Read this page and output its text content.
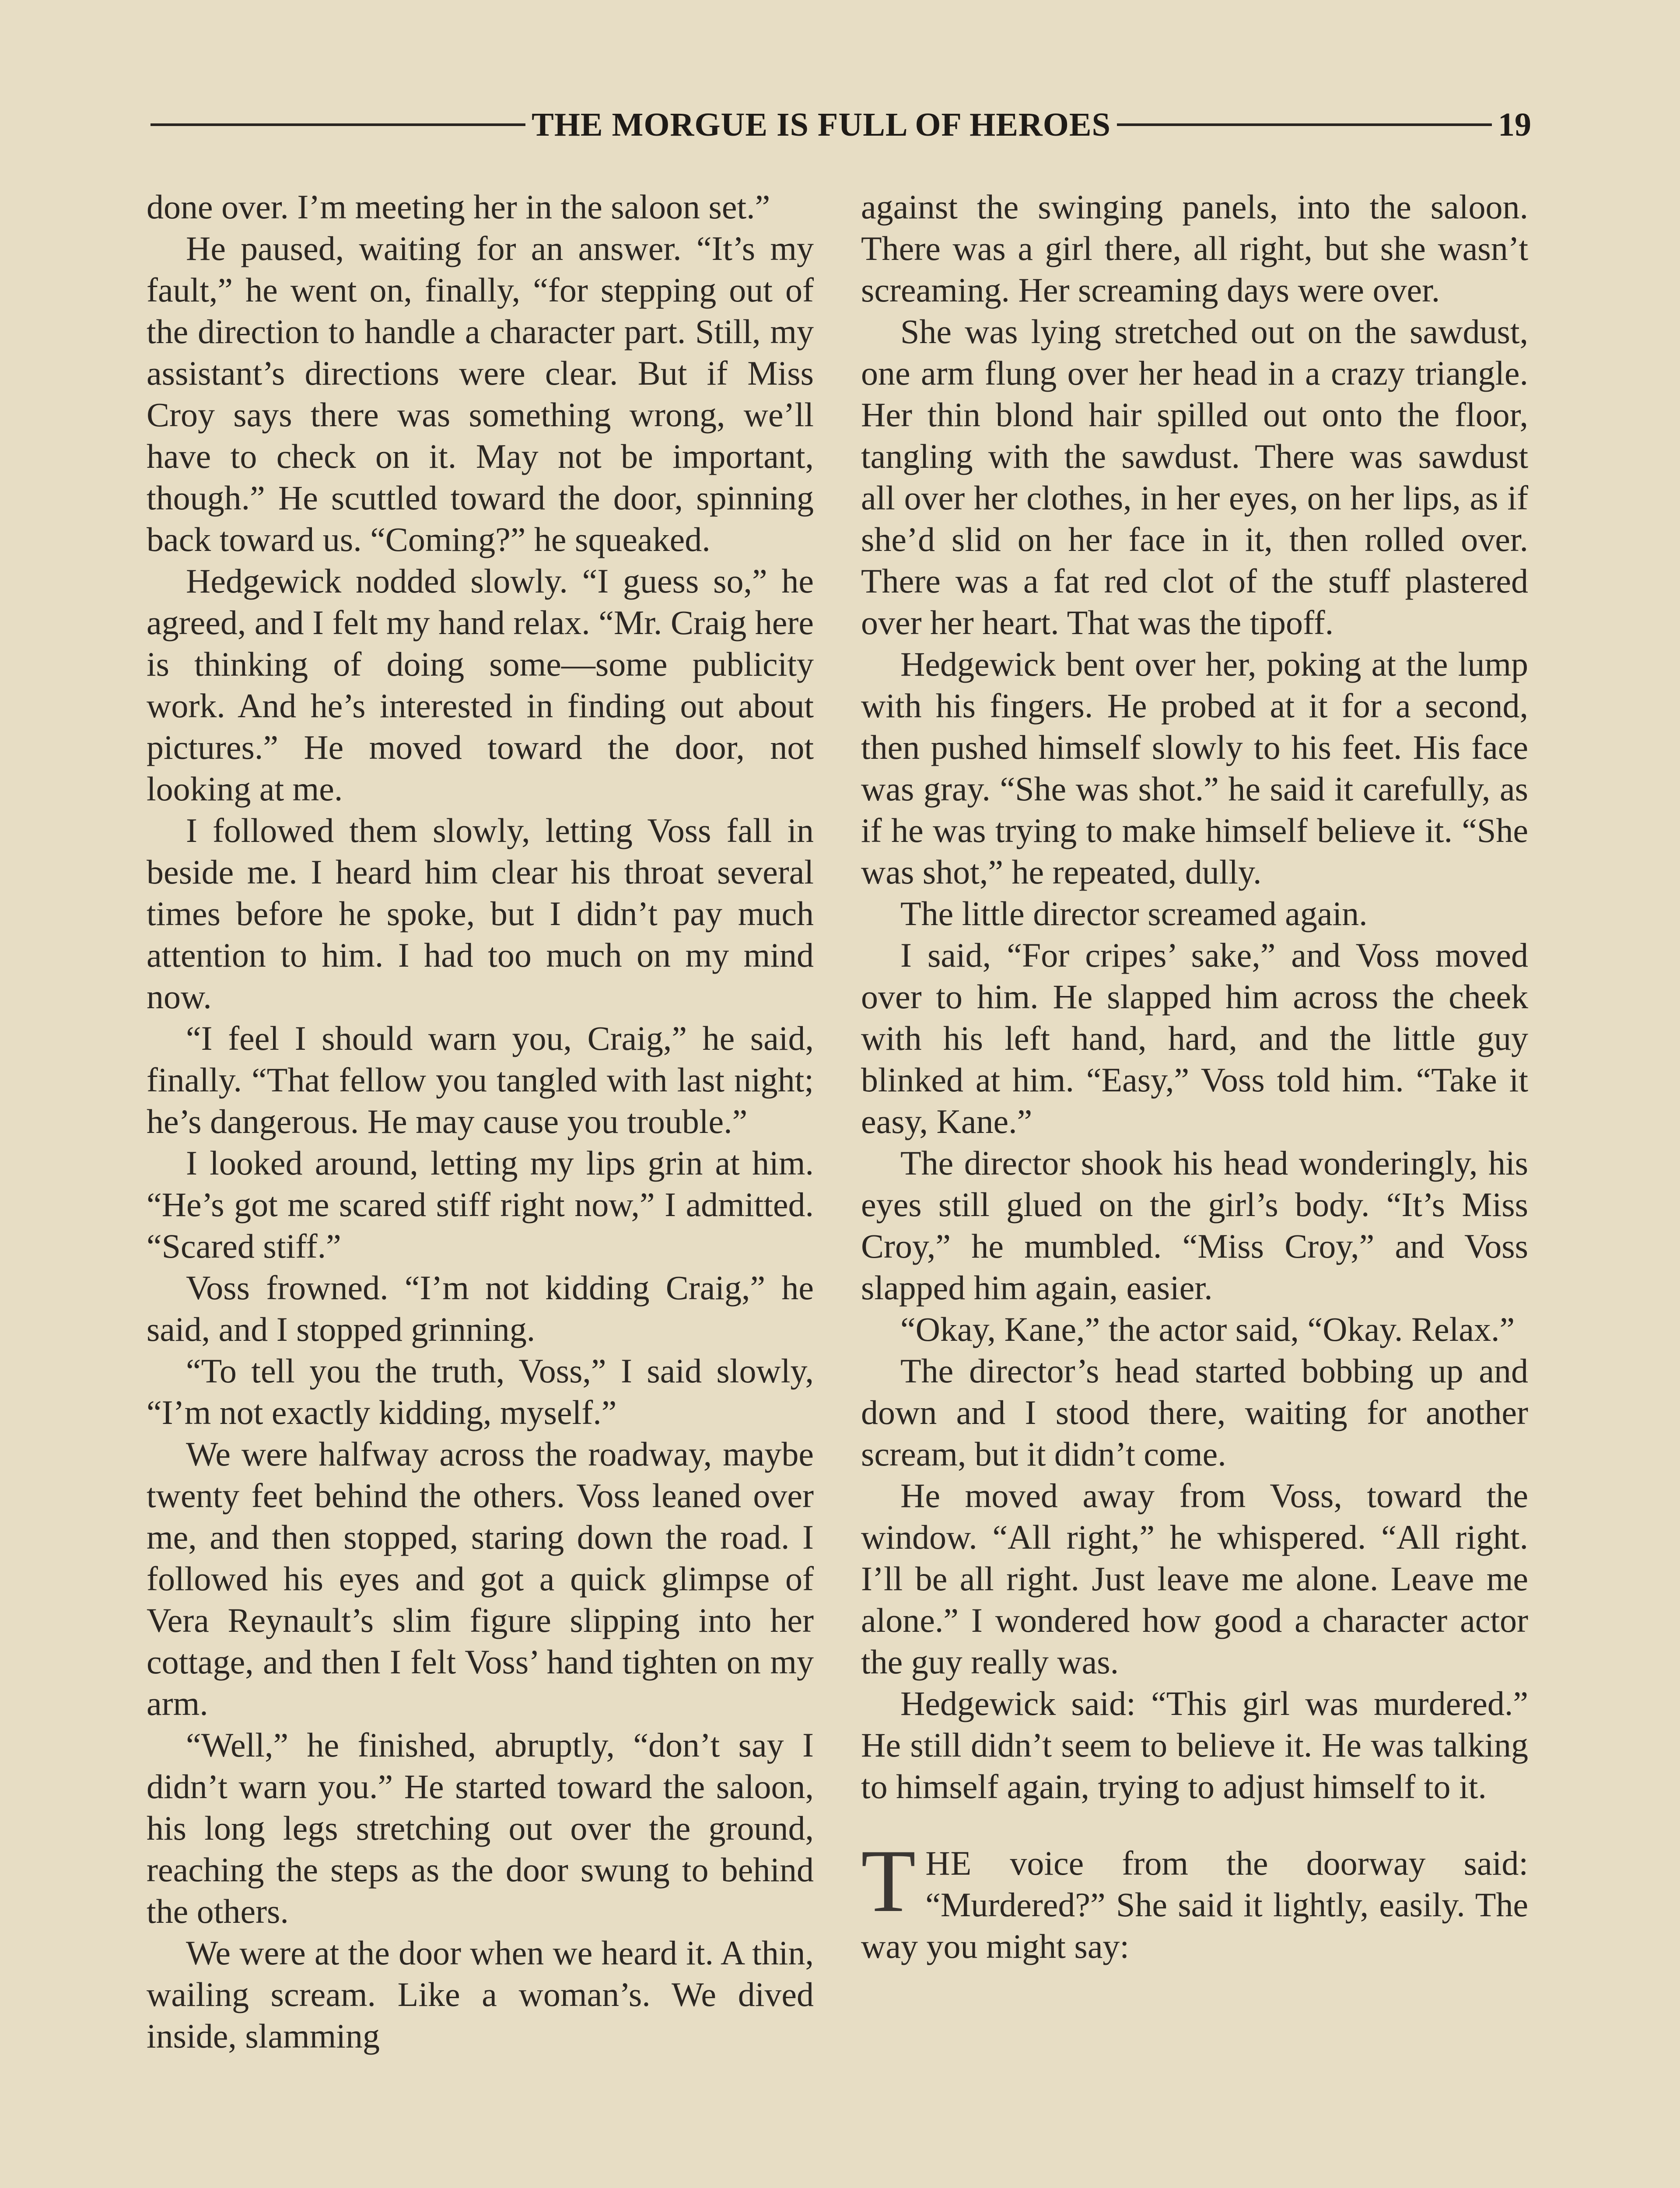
THE MORGUE IS FULL OF HEROES	19

done over. I’m meeting her in the saloon set.”

He paused, waiting for an answer. “It’s my fault,” he went on, finally, “for stepping out of the direction to handle a character part. Still, my assistant’s directions were clear. But if Miss Croy says there was something wrong, we’ll have to check on it. May not be important, though.” He scuttled toward the door, spinning back toward us. “Coming?” he squeaked.

Hedgewick nodded slowly. “I guess so,” he agreed, and I felt my hand relax. “Mr. Craig here is thinking of doing some—some publicity work. And he’s interested in finding out about pictures.” He moved toward the door, not looking at me.

I followed them slowly, letting Voss fall in beside me. I heard him clear his throat several times before he spoke, but I didn’t pay much attention to him. I had too much on my mind now.

“I feel I should warn you, Craig,” he said, finally. “That fellow you tangled with last night; he’s dangerous. He may cause you trouble.”

I looked around, letting my lips grin at him. “He’s got me scared stiff right now,” I admitted. “Scared stiff.”

Voss frowned. “I’m not kidding Craig,” he said, and I stopped grinning.

“To tell you the truth, Voss,” I said slowly, “I’m not exactly kidding, myself.”

We were halfway across the roadway, maybe twenty feet behind the others. Voss leaned over me, and then stopped, staring down the road. I followed his eyes and got a quick glimpse of Vera Reynault’s slim figure slipping into her cottage, and then I felt Voss’ hand tighten on my arm.

“Well,” he finished, abruptly, “don’t say I didn’t warn you.” He started toward the saloon, his long legs stretching out over the ground, reaching the steps as the door swung to behind the others.

We were at the door when we heard it. A thin, wailing scream. Like a woman’s. We dived inside, slamming

against the swinging panels, into the saloon. There was a girl there, all right, but she wasn’t screaming. Her screaming days were over.

She was lying stretched out on the sawdust, one arm flung over her head in a crazy triangle. Her thin blond hair spilled out onto the floor, tangling with the sawdust. There was sawdust all over her clothes, in her eyes, on her lips, as if she’d slid on her face in it, then rolled over. There was a fat red clot of the stuff plastered over her heart. That was the tipoff.

Hedgewick bent over her, poking at the lump with his fingers. He probed at it for a second, then pushed himself slowly to his feet. His face was gray. “She was shot.” he said it carefully, as if he was trying to make himself believe it. “She was shot,” he repeated, dully.

The little director screamed again.

I said, “For cripes’ sake,” and Voss moved over to him. He slapped him across the cheek with his left hand, hard, and the little guy blinked at him. “Easy,” Voss told him. “Take it easy, Kane.”

The director shook his head wonderingly, his eyes still glued on the girl’s body. “It’s Miss Croy,” he mumbled. “Miss Croy,” and Voss slapped him again, easier.

“Okay, Kane,” the actor said, “Okay. Relax.”

The director’s head started bobbing up and down and I stood there, waiting for another scream, but it didn’t come.

He moved away from Voss, toward the window. “All right,” he whispered. “All right. I’ll be all right. Just leave me alone. Leave me alone.” I wondered how good a character actor the guy really was.

Hedgewick said: “This girl was murdered.” He still didn’t seem to believe it. He was talking to himself again, trying to adjust himself to it.

THE voice from the doorway said: “Murdered?” She said it lightly, easily. The way you might say:
